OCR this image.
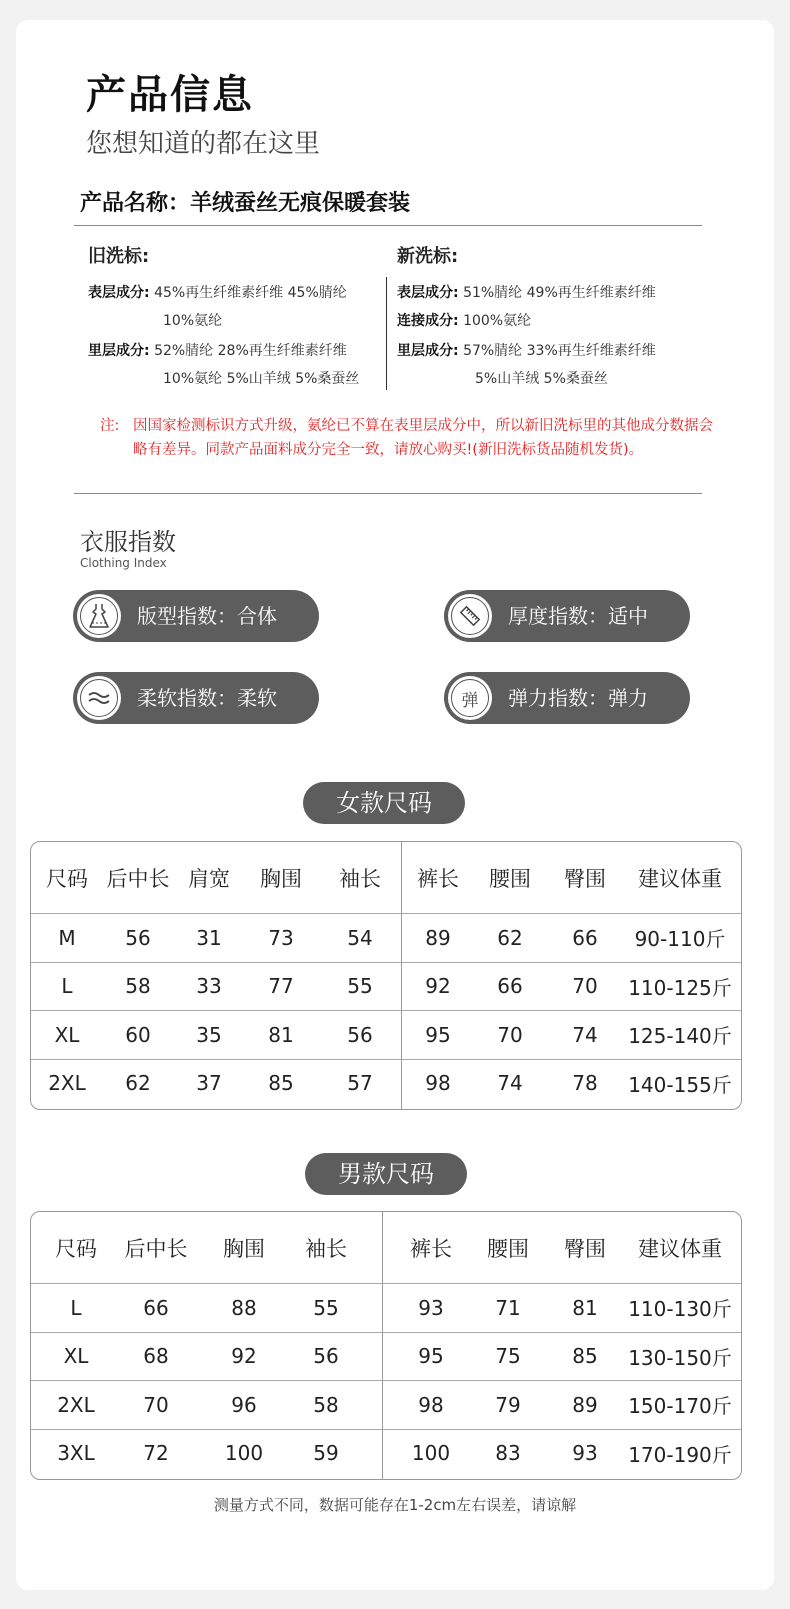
产品信息
您想知道的都在这里
产品名称：羊绒蚕丝无痕保暖套装
旧洗标:
表层成分: 45%再生纤维素纤维 45%腈纶
10%氨纶
里层成分: 52%腈纶 28%再生纤维素纤维
10%氨纶 5%山羊绒 5%桑蚕丝
新洗标:
表层成分: 51%腈纶 49%再生纤维素纤维
连接成分: 100%氨纶
里层成分: 57%腈纶 33%再生纤维素纤维
5%山羊绒 5%桑蚕丝
注: 因国家检测标识方式升级，氨纶已不算在表里层成分中，所以新旧洗标里的其他成分数据会略有差异。同款产品面料成分完全一致，请放心购买!(新旧洗标货品随机发货)。
衣服指数
Clothing Index
版型指数：合体	厚度指数：适中
柔软指数：柔软	弹	弹力指数：弹力
女款尺码
尺码 后中长 肩宽	胸围	袖长	裤长	腰围	臀围	建议体重
M	56	31	73	54	89	62	66	90-110斤
L	58	33	77	55	92	66	70	110-125斤
XL	60	35	81	56	95	70	74	125-140斤
2XL	62	37	85	57	98	74	78	140-155斤
男款尺码
尺码	后中长	胸围	袖长	裤长	腰围	臀围	建议体重
L	66	88	55	93	71	81	110-130斤
XL	68	92	56	95	75	85	130-150斤
2XL	70	96	58	98	79	89	150-170斤
3XL	72	100	59	100	83	93	170-190斤
测量方式不同，数据可能存在1-2cm左右误差，请谅解
